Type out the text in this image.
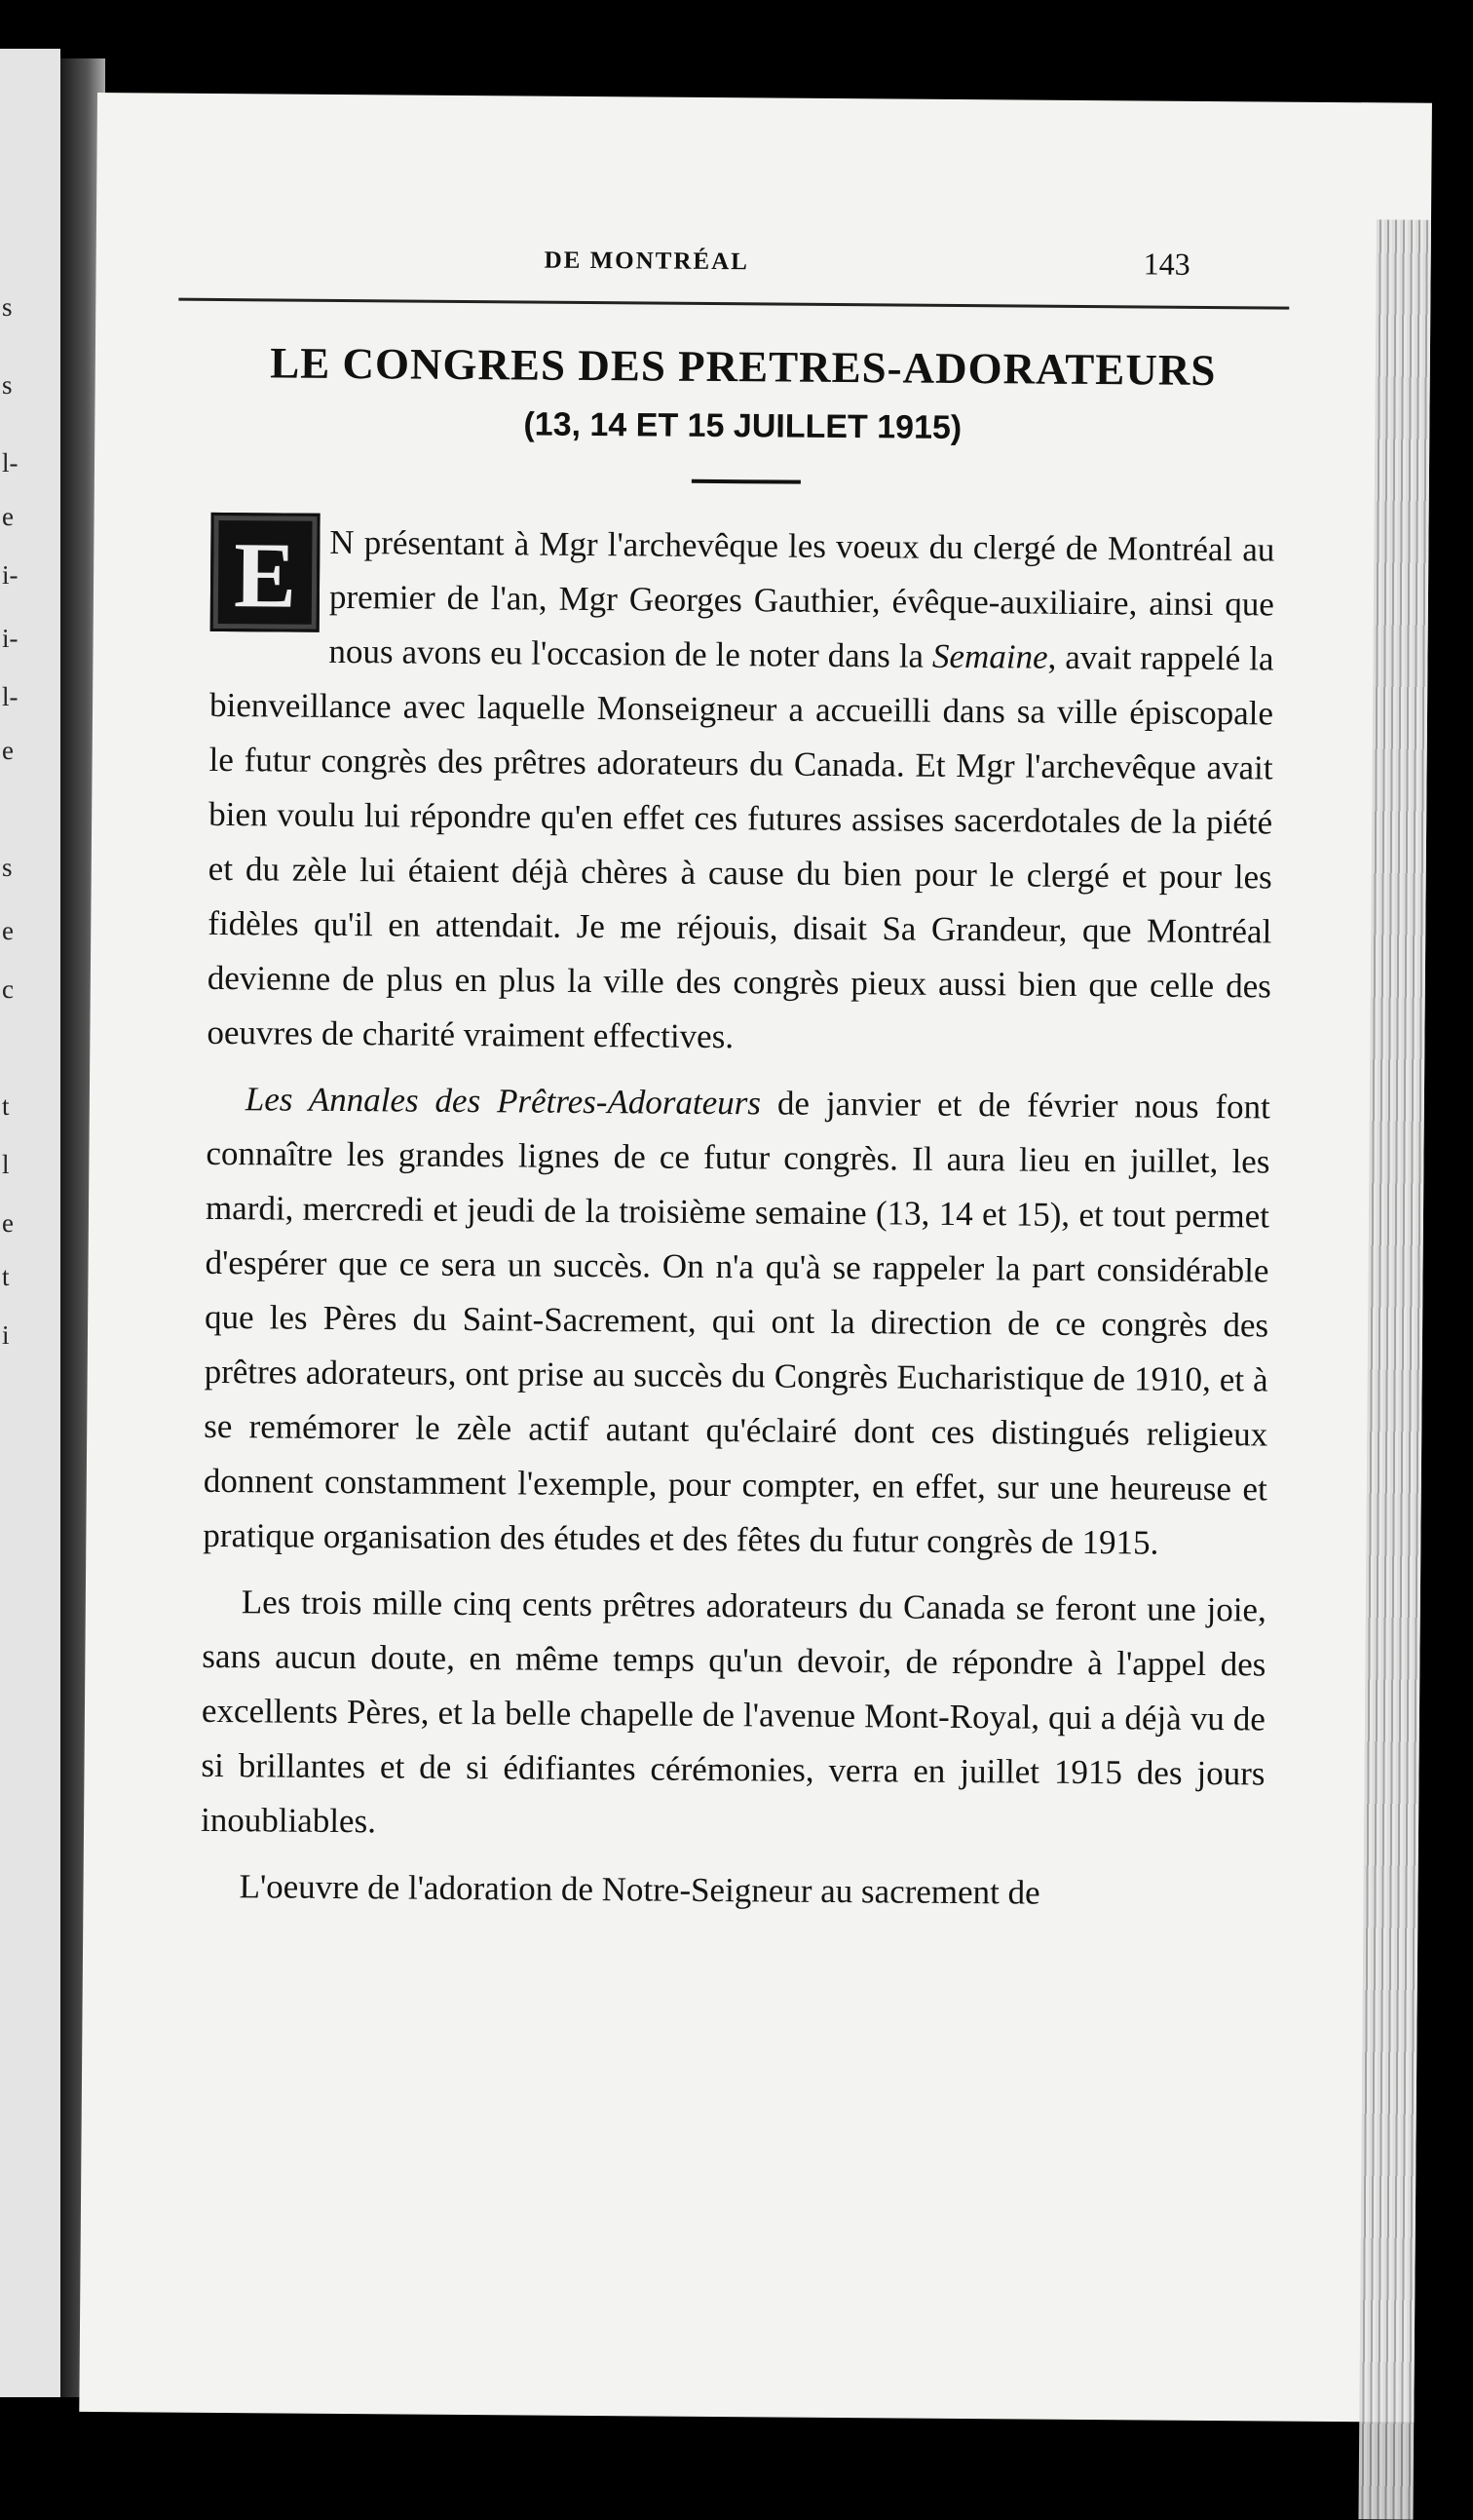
s
s
l-
e
i-
i-
l-
e
s
e
c
t
l
e
t
i
DE MONTRÉAL	143
LE CONGRES DES PRETRES-ADORATEURS
(13, 14 ET 15 JUILLET 1915)
E N présentant à Mgr l'archevêque les voeux du clergé de Montréal au premier de l'an, Mgr Georges Gauthier, évêque-auxiliaire, ainsi que nous avons eu l'occasion de le noter dans la Semaine, avait rappelé la bienveillance avec laquelle Monseigneur a accueilli dans sa ville épiscopale le futur congrès des prêtres adorateurs du Canada. Et Mgr l'archevêque avait bien voulu lui répondre qu'en effet ces futures assises sacerdotales de la piété et du zèle lui étaient déjà chères à cause du bien pour le clergé et pour les fidèles qu'il en attendait. Je me réjouis, disait Sa Grandeur, que Montréal devienne de plus en plus la ville des congrès pieux aussi bien que celle des oeuvres de charité vraiment effectives.

Les Annales des Prêtres-Adorateurs de janvier et de février nous font connaître les grandes lignes de ce futur congrès. Il aura lieu en juillet, les mardi, mercredi et jeudi de la troisième semaine (13, 14 et 15), et tout permet d'espérer que ce sera un succès. On n'a qu'à se rappeler la part considérable que les Pères du Saint-Sacrement, qui ont la direction de ce congrès des prêtres adorateurs, ont prise au succès du Congrès Eucharistique de 1910, et à se remémorer le zèle actif autant qu'éclairé dont ces distingués religieux donnent constamment l'exemple, pour compter, en effet, sur une heureuse et pratique organisation des études et des fêtes du futur congrès de 1915.

Les trois mille cinq cents prêtres adorateurs du Canada se feront une joie, sans aucun doute, en même temps qu'un devoir, de répondre à l'appel des excellents Pères, et la belle chapelle de l'avenue Mont-Royal, qui a déjà vu de si brillantes et de si édifiantes cérémonies, verra en juillet 1915 des jours inoubliables.

L'oeuvre de l'adoration de Notre-Seigneur au sacrement de
